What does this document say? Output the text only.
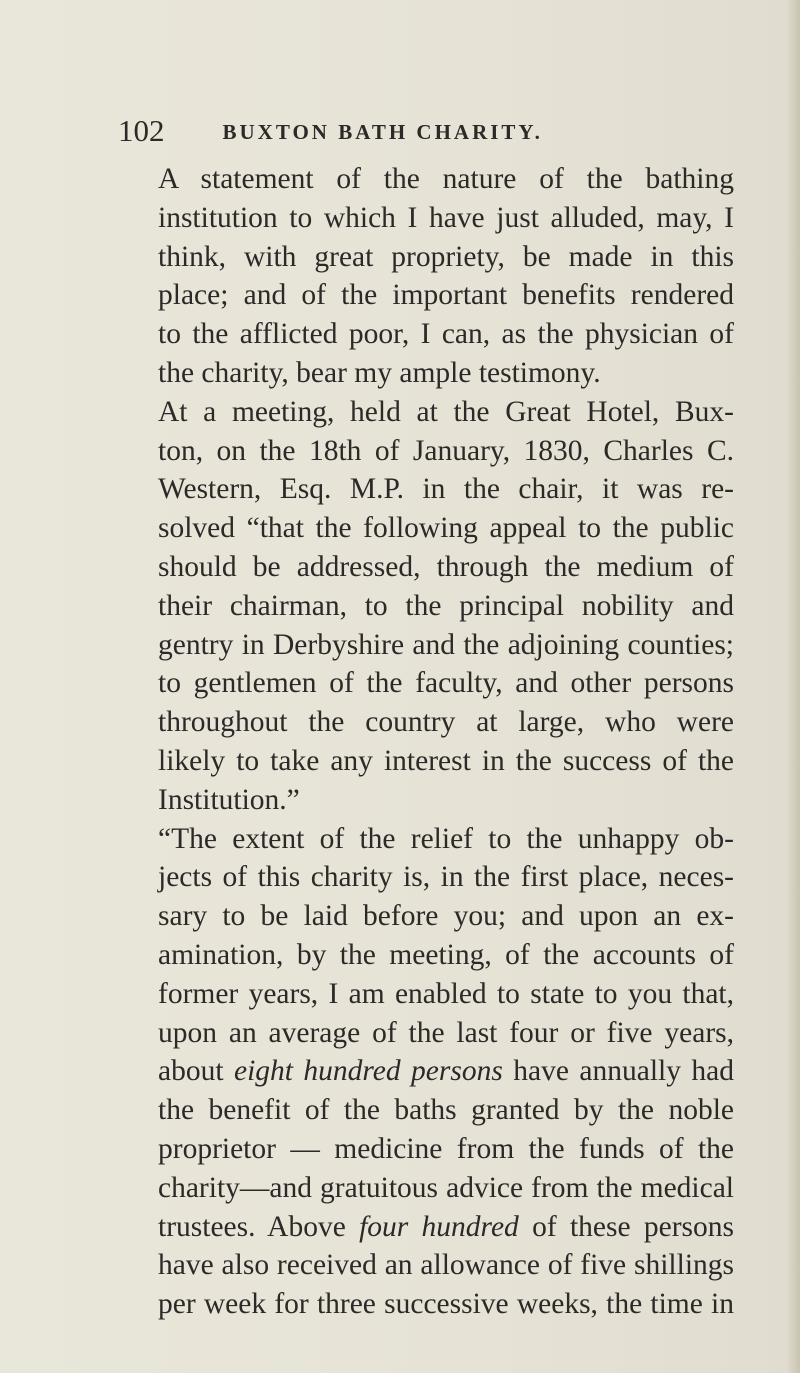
102	BUXTON BATH CHARITY.

A statement of the nature of the bathing
institution to which I have just alluded, may, I
think, with great propriety, be made in this
place; and of the important benefits rendered
to the afflicted poor, I can, as the physician of
the charity, bear my ample testimony.

At a meeting, held at the Great Hotel, Bux-
ton, on the 18th of January, 1830, Charles C.
Western, Esq. M.P. in the chair, it was re-
solved “that the following appeal to the public
should be addressed, through the medium of
their chairman, to the principal nobility and
gentry in Derbyshire and the adjoining counties;
to gentlemen of the faculty, and other persons
throughout the country at large, who were
likely to take any interest in the success of the
Institution.”

“The extent of the relief to the unhappy ob-
jects of this charity is, in the first place, neces-
sary to be laid before you; and upon an ex-
amination, by the meeting, of the accounts of
former years, I am enabled to state to you that,
upon an average of the last four or five years,
about eight hundred persons have annually had
the benefit of the baths granted by the noble
proprietor — medicine from the funds of the
charity—and gratuitous advice from the medical
trustees. Above four hundred of these persons
have also received an allowance of five shillings
per week for three successive weeks, the time in
